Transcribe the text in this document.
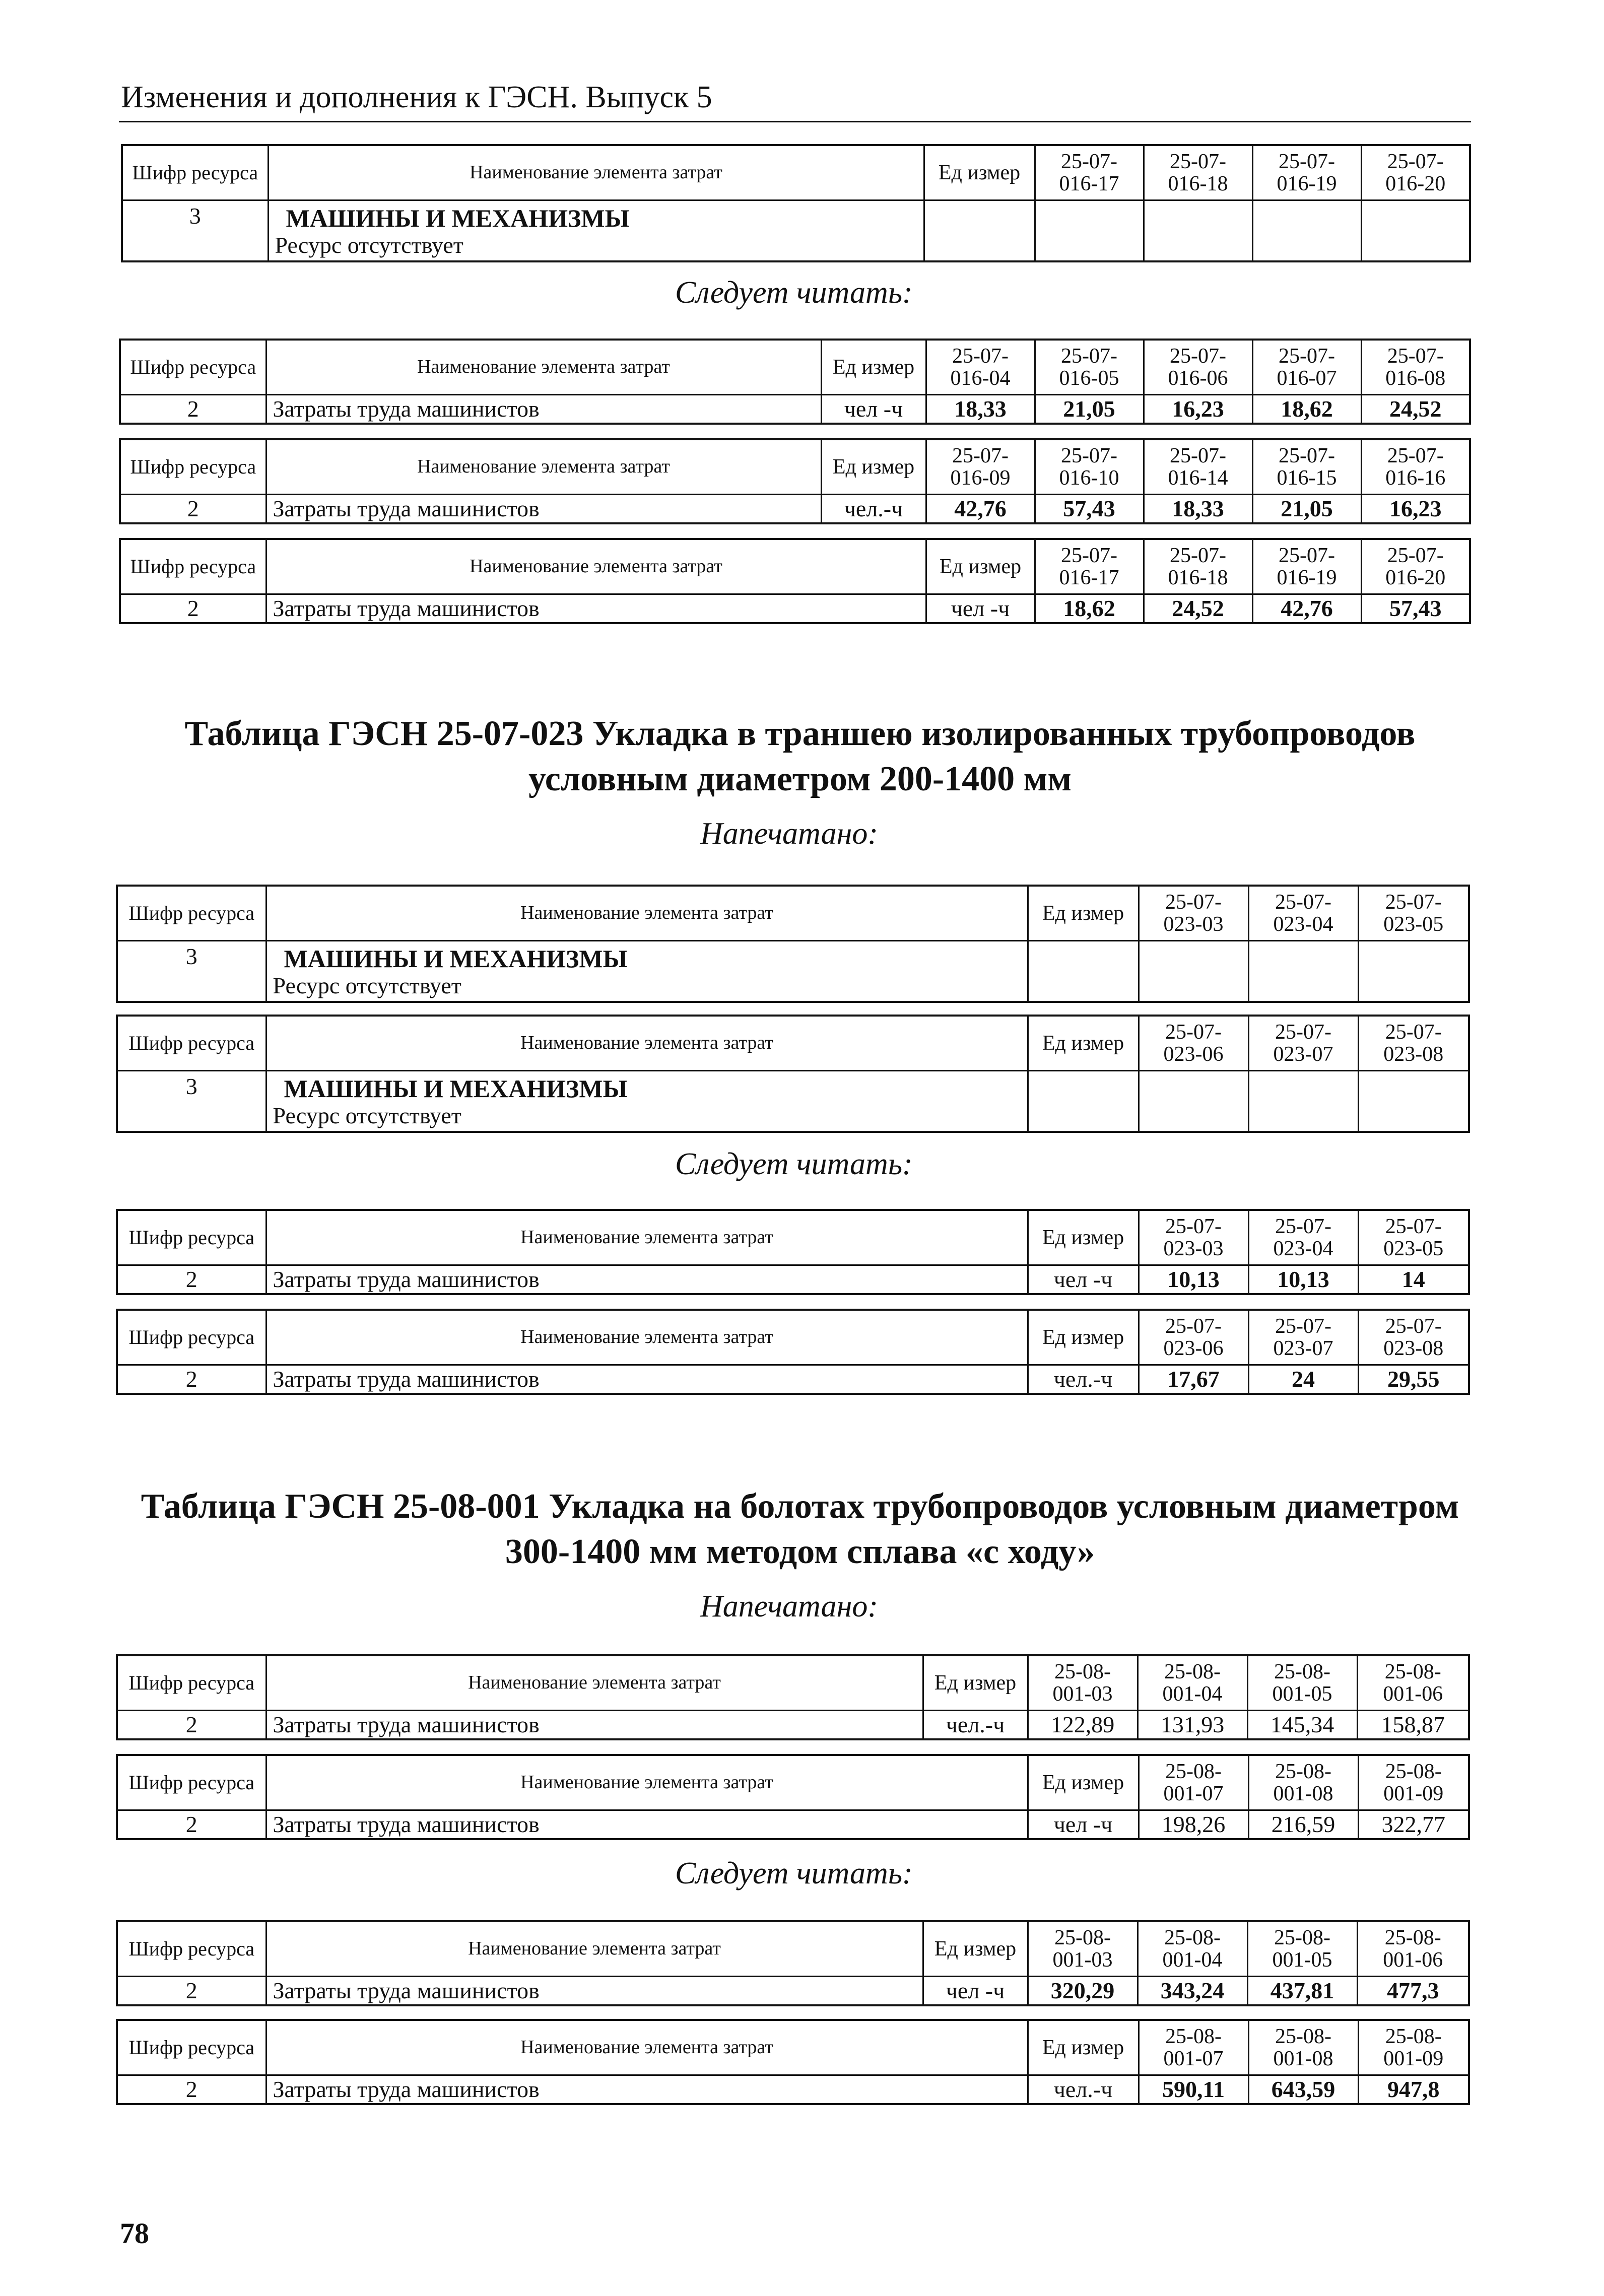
Изменения и дополнения к ГЭСН. Выпуск 5
Шифр ресурса	Наименование элемента затрат	Ед измер	25-07-
016-17	25-07-
016-18	25-07-
016-19	25-07-
016-20
3	МАШИНЫ И МЕХАНИЗМЫ
Ресурс отсутствует					

Следует читать:
Шифр ресурса	Наименование элемента затрат	Ед измер	25-07-
016-04	25-07-
016-05	25-07-
016-06	25-07-
016-07	25-07-
016-08
2	Затраты труда машинистов	чел -ч	18,33	21,05	16,23	18,62	24,52
Шифр ресурса	Наименование элемента затрат	Ед измер	25-07-
016-09	25-07-
016-10	25-07-
016-14	25-07-
016-15	25-07-
016-16
2	Затраты труда машинистов	чел.-ч	42,76	57,43	18,33	21,05	16,23
Шифр ресурса	Наименование элемента затрат	Ед измер	25-07-
016-17	25-07-
016-18	25-07-
016-19	25-07-
016-20
2	Затраты труда машинистов	чел -ч	18,62	24,52	42,76	57,43
Таблица ГЭСН 25-07-023 Укладка в траншею изолированных трубопроводов условным диаметром 200-1400 мм
Напечатано:
Шифр ресурса	Наименование элемента затрат	Ед измер	25-07-
023-03	25-07-
023-04	25-07-
023-05
3	МАШИНЫ И МЕХАНИЗМЫ
Ресурс отсутствует				

Шифр ресурса	Наименование элемента затрат	Ед измер	25-07-
023-06	25-07-
023-07	25-07-
023-08
3	МАШИНЫ И МЕХАНИЗМЫ
Ресурс отсутствует				

Следует читать:
Шифр ресурса	Наименование элемента затрат	Ед измер	25-07-
023-03	25-07-
023-04	25-07-
023-05
2	Затраты труда машинистов	чел -ч	10,13	10,13	14
Шифр ресурса	Наименование элемента затрат	Ед измер	25-07-
023-06	25-07-
023-07	25-07-
023-08
2	Затраты труда машинистов	чел.-ч	17,67	24	29,55
Таблица ГЭСН 25-08-001 Укладка на болотах трубопроводов условным диаметром 300-1400 мм методом сплава «с ходу»
Напечатано:
Шифр ресурса	Наименование элемента затрат	Ед измер	25-08-
001-03	25-08-
001-04	25-08-
001-05	25-08-
001-06
2	Затраты труда машинистов	чел.-ч	122,89	131,93	145,34	158,87
Шифр ресурса	Наименование элемента затрат	Ед измер	25-08-
001-07	25-08-
001-08	25-08-
001-09
2	Затраты труда машинистов	чел -ч	198,26	216,59	322,77
Следует читать:
Шифр ресурса	Наименование элемента затрат	Ед измер	25-08-
001-03	25-08-
001-04	25-08-
001-05	25-08-
001-06
2	Затраты труда машинистов	чел -ч	320,29	343,24	437,81	477,3
Шифр ресурса	Наименование элемента затрат	Ед измер	25-08-
001-07	25-08-
001-08	25-08-
001-09
2	Затраты труда машинистов	чел.-ч	590,11	643,59	947,8
78
